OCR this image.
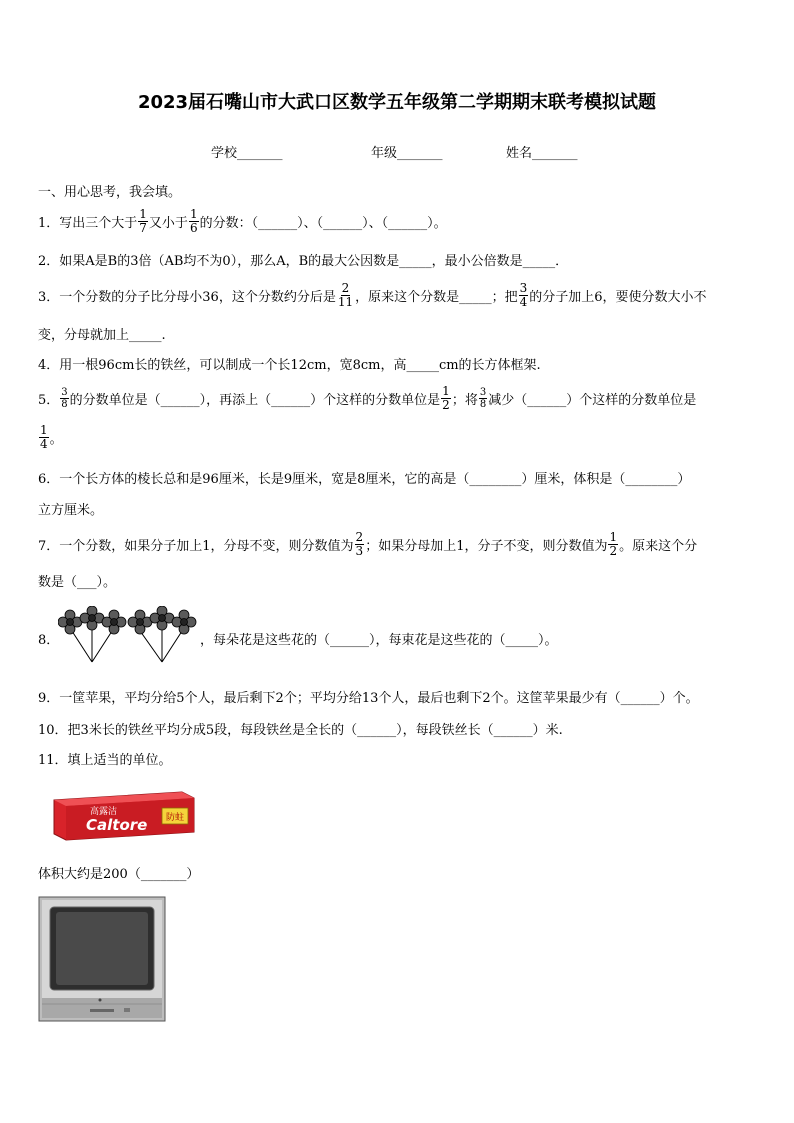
2023届石嘴山市大武口区数学五年级第二学期期末联考模拟试题
学校_______	年级_______	姓名_______
一、用心思考，我会填。
1．写出三个大于 $\frac{1}{7}$ 又小于 $\frac{1}{6}$ 的分数：（______）、（______）、（______）。
2．如果A是B的3倍（AB均不为0），那么A，B的最大公因数是_____，最小公倍数是_____．
3．一个分数的分子比分母小36，这个分数约分后是 $\frac{2}{11}$ ，原来这个分数是_____；把 $\frac{3}{4}$ 的分子加上6，要使分数大小不
变，分母就加上_____.
4．用一根96cm长的铁丝，可以制成一个长12cm，宽8cm，高_____cm的长方体框架.
5． $\frac{3}{8}$ 的分数单位是（______），再添上（______）个这样的分数单位是 $\frac{1}{2}$ ；将 $\frac{3}{8}$ 减少（______）个这样的分数单位是
$\frac{1}{4}$ 。
6．一个长方体的棱长总和是96厘米，长是9厘米，宽是8厘米，它的高是（________）厘米，体积是（________）
立方厘米。
7．一个分数，如果分子加上1，分母不变，则分数值为 $\frac{2}{3}$ ；如果分母加上1，分子不变，则分数值为 $\frac{1}{2}$ 。原来这个分
数是（___）。
8．	，每朵花是这些花的（______），每束花是这些花的（_____）。
9．一筐苹果，平均分给5个人，最后剩下2个；平均分给13个人，最后也剩下2个。这筐苹果最少有（______）个。
10．把3米长的铁丝平均分成5段，每段铁丝是全长的（______），每段铁丝长（______）米.
11．填上适当的单位。
防蛀
高露洁
Caltore
体积大约是200（_______）
